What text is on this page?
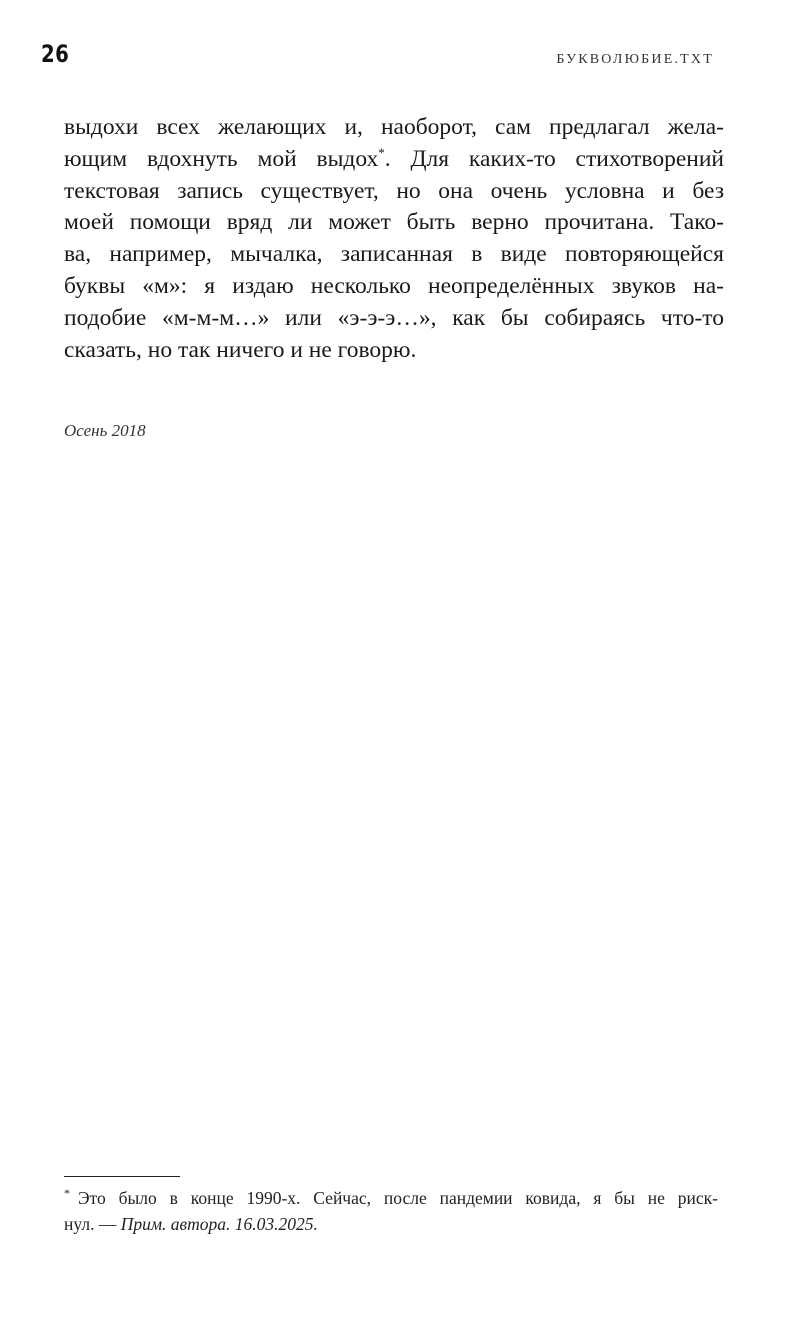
26	БУКВОЛЮБИЕ.ТХТ
выдохи всех желающих и, наоборот, сам предлагал жела-
ющим вдохнуть мой выдох*. Для каких-то стихотворений
текстовая запись существует, но она очень условна и без
моей помощи вряд ли может быть верно прочитана. Тако-
ва, например, мычалка, записанная в виде повторяющейся
буквы «м»: я издаю несколько неопределённых звуков на-
подобие «м-м-м…» или «э-э-э…», как бы собираясь что-то
сказать, но так ничего и не говорю.
Осень 2018
* Это было в конце 1990-х. Сейчас, после пандемии ковида, я бы не риск-
нул. — Прим. автора. 16.03.2025.
